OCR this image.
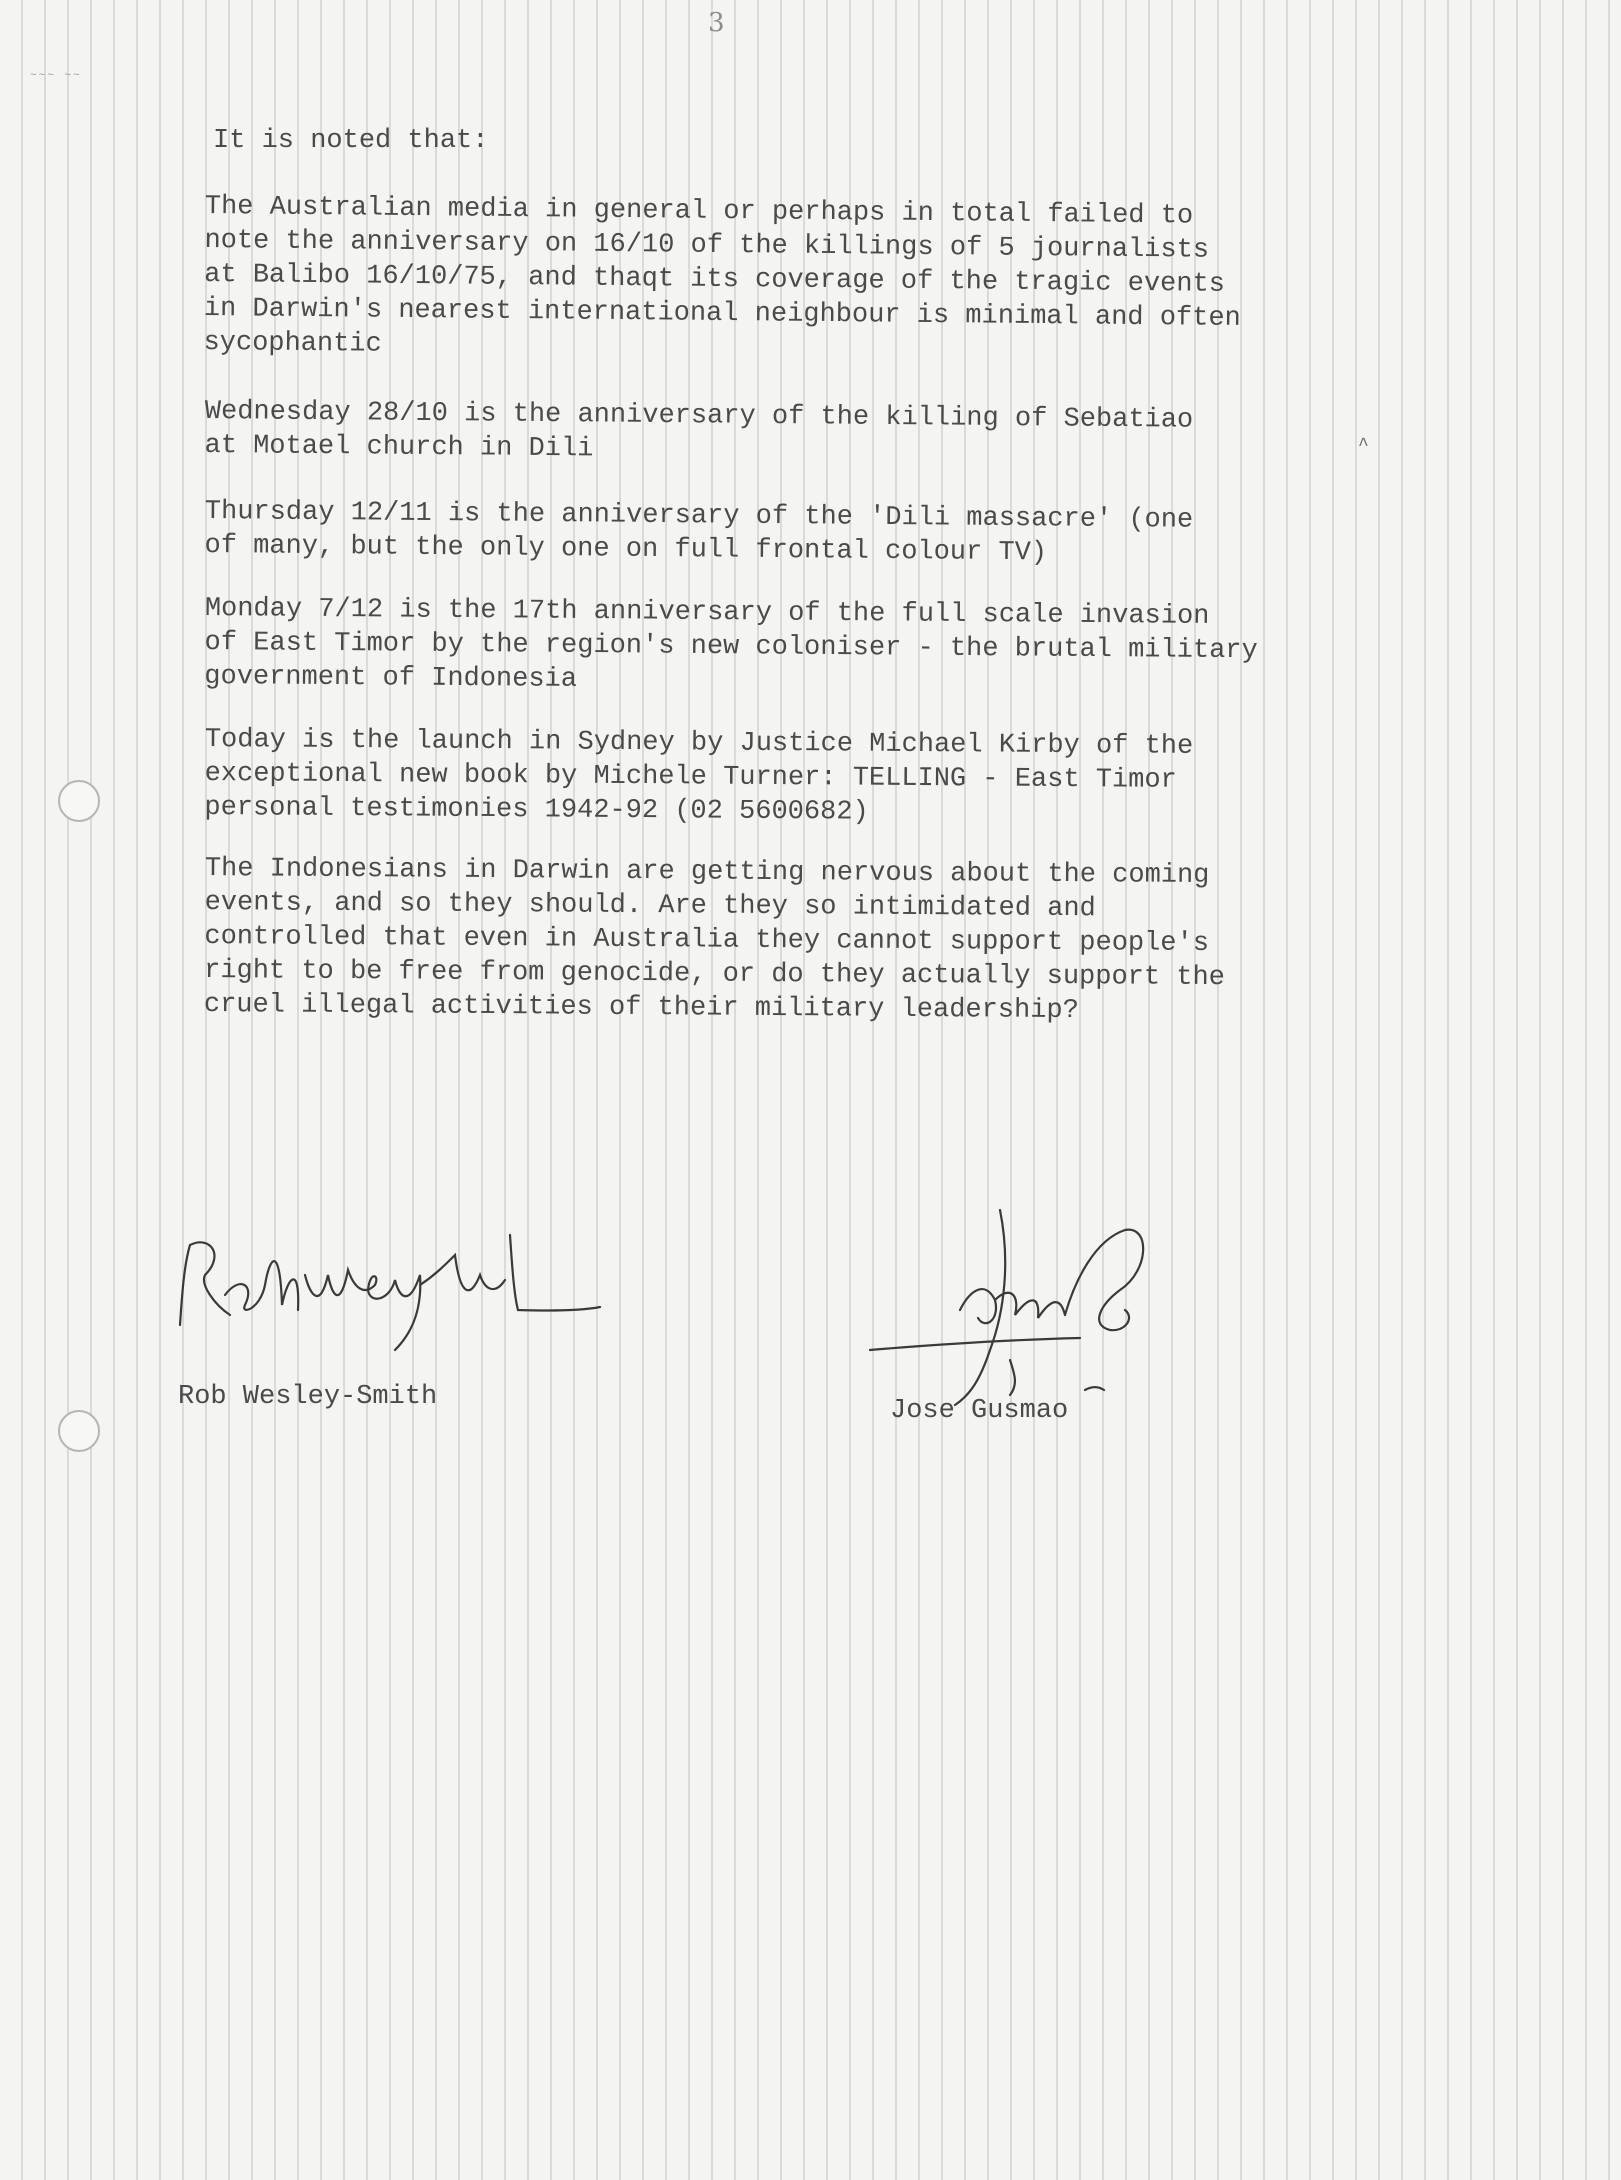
3

~~~ ~~

It is noted that:

The Australian media in general or perhaps in total failed to
note the anniversary on 16/10 of the killings of 5 journalists
at Balibo 16/10/75, and thaqt its coverage of the tragic events
in Darwin's nearest international neighbour is minimal and often
sycophantic

Wednesday 28/10 is the anniversary of the killing of Sebatiao
at Motael church in Dili	^

Thursday 12/11 is the anniversary of the 'Dili massacre' (one
of many, but the only one on full frontal colour TV)

Monday 7/12 is the 17th anniversary of the full scale invasion
of East Timor by the region's new coloniser - the brutal military
government of Indonesia

Today is the launch in Sydney by Justice Michael Kirby of the
exceptional new book by Michele Turner: TELLING - East Timor
personal testimonies 1942-92 (02 5600682)

The Indonesians in Darwin are getting nervous about the coming
events, and so they should. Are they so intimidated and
controlled that even in Australia they cannot support people's
right to be free from genocide, or do they actually support the
cruel illegal activities of their military leadership?

Rob Wesley-Smith	Jose Gusmao
